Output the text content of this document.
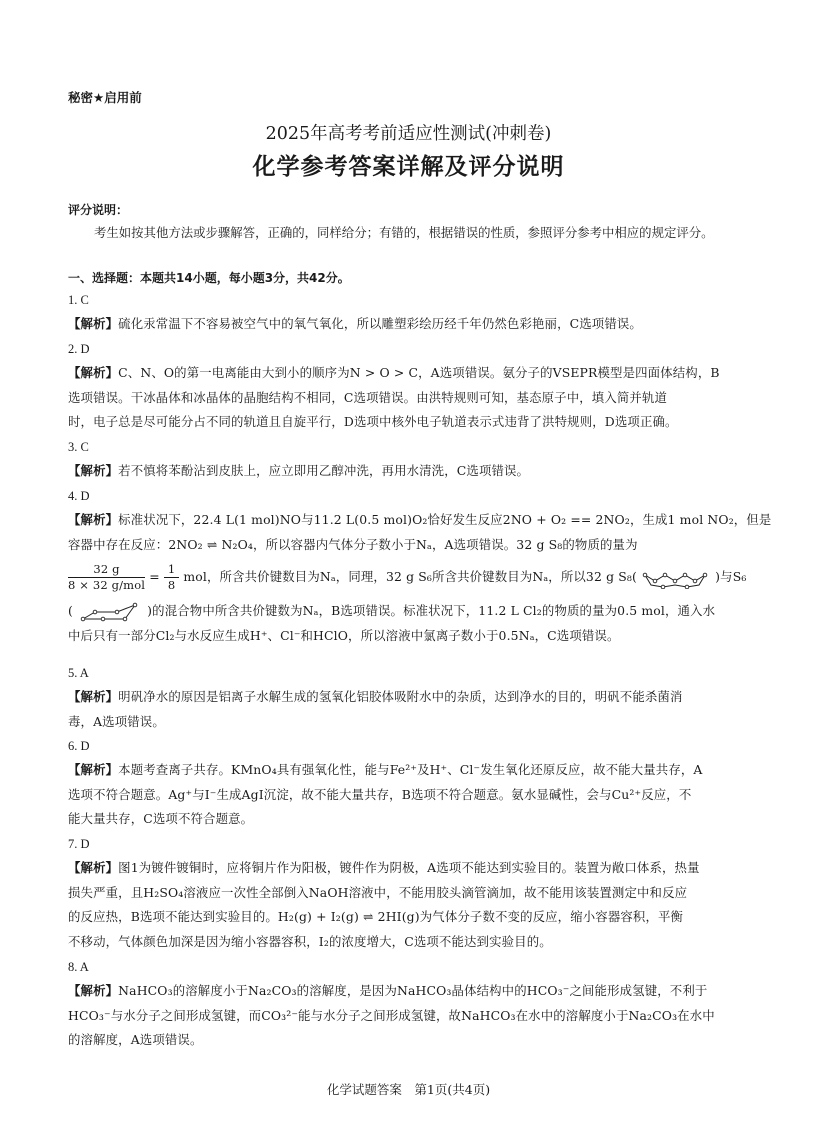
秘密★启用前
2025年高考考前适应性测试(冲刺卷)
化学参考答案详解及评分说明
评分说明：
考生如按其他方法或步骤解答，正确的，同样给分；有错的，根据错误的性质，参照评分参考中相应的规定评分。
一、选择题：本题共14小题，每小题3分，共42分。
1. C
【解析】硫化汞常温下不容易被空气中的氧气氧化，所以雕塑彩绘历经千年仍然色彩艳丽，C选项错误。
2. D
【解析】C、N、O的第一电离能由大到小的顺序为N > O > C，A选项错误。氨分子的VSEPR模型是四面体结构，B
选项错误。干冰晶体和冰晶体的晶胞结构不相同，C选项错误。由洪特规则可知，基态原子中，填入简并轨道
时，电子总是尽可能分占不同的轨道且自旋平行，D选项中核外电子轨道表示式违背了洪特规则，D选项正确。
3. C
【解析】若不慎将苯酚沾到皮肤上，应立即用乙醇冲洗，再用水清洗，C选项错误。
4. D
【解析】标准状况下，22.4 L(1 mol)NO与11.2 L(0.5 mol)O₂恰好发生反应2NO + O₂ == 2NO₂，生成1 mol NO₂，但是
容器中存在反应：2NO₂ ⇌ N₂O₄，所以容器内气体分子数小于Nₐ，A选项错误。32 g S₈的物质的量为
$\frac{32 g}{\text{8 × 32 g/mol}} = \frac{1}{8}$ mol，所含共价键数目为Nₐ，同理，32 g S₆所含共价键数目为Nₐ，所以32 g S₈(	)与S₆
(	)的混合物中所含共价键数为Nₐ，B选项错误。标准状况下，11.2 L Cl₂的物质的量为0.5 mol，通入水
中后只有一部分Cl₂与水反应生成H⁺、Cl⁻和HClO，所以溶液中氯离子数小于0.5Nₐ，C选项错误。
5. A
【解析】明矾净水的原因是铝离子水解生成的氢氧化铝胶体吸附水中的杂质，达到净水的目的，明矾不能杀菌消
毒，A选项错误。
6. D
【解析】本题考查离子共存。KMnO₄具有强氧化性，能与Fe²⁺及H⁺、Cl⁻发生氧化还原反应，故不能大量共存，A
选项不符合题意。Ag⁺与I⁻生成AgI沉淀，故不能大量共存，B选项不符合题意。氨水显碱性，会与Cu²⁺反应，不
能大量共存，C选项不符合题意。
7. D
【解析】图1为镀件镀铜时，应将铜片作为阳极，镀件作为阴极，A选项不能达到实验目的。装置为敞口体系，热量
损失严重，且H₂SO₄溶液应一次性全部倒入NaOH溶液中，不能用胶头滴管滴加，故不能用该装置测定中和反应
的反应热，B选项不能达到实验目的。H₂(g) + I₂(g) ⇌ 2HI(g)为气体分子数不变的反应，缩小容器容积，平衡
不移动，气体颜色加深是因为缩小容器容积，I₂的浓度增大，C选项不能达到实验目的。
8. A
【解析】NaHCO₃的溶解度小于Na₂CO₃的溶解度，是因为NaHCO₃晶体结构中的HCO₃⁻之间能形成氢键，不利于
HCO₃⁻与水分子之间形成氢键，而CO₃²⁻能与水分子之间形成氢键，故NaHCO₃在水中的溶解度小于Na₂CO₃在水中
的溶解度，A选项错误。
化学试题答案　第1页(共4页)
